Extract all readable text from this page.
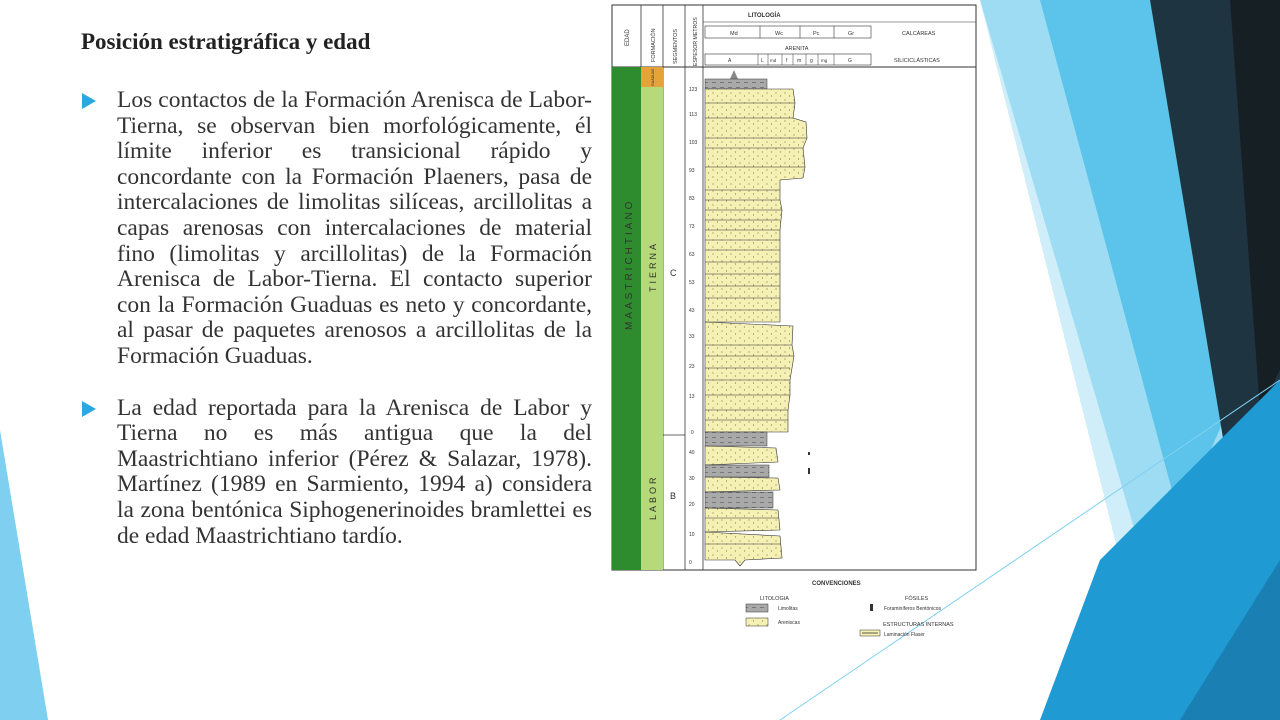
Posición estratigráfica y edad
Los contactos de la Formación Arenisca de Labor-Tierna, se observan bien morfológicamente, él límite inferior es transicional rápido y concordante con la Formación Plaeners, pasa de intercalaciones de limolitas silíceas, arcillolitas a capas arenosas con intercalaciones de material fino (limolitas y arcillolitas) de la Formación Arenisca de Labor-Tierna. El contacto superior con la Formación Guaduas es neto y concordante, al pasar de paquetes arenosos a arcillolitas de la Formación Guaduas.
La edad reportada para la Arenisca de Labor y Tierna no es más antigua que la del Maastrichtiano inferior (Pérez & Salazar, 1978). Martínez (1989 en Sarmiento, 1994 a) considera la zona bentónica Siphogenerinoides bramlettei es de edad Maastrichtiano tardío.
EDAD	FORMACIÓN	SEGMENTOS	ESPESOR METROS
LITOLOGÍA
Md	Wc	Pc	Gr	CALCÁREAS
ARENITA
A	L md f m g mg	G	SILICICLÁSTICAS
MAASTRICHTIANO
GUADUAS
TIERNA
LABOR
C
B
123
113
103
93
83
73
63
53
43
33
23
13
0
40
30
20
10
0
CONVENCIONES
LITOLOGIA	FÓSILES
Limolitas
Areniscas
Foraminíferos Bentónicos
ESTRUCTURAS INTERNAS
Laminación Flaser
